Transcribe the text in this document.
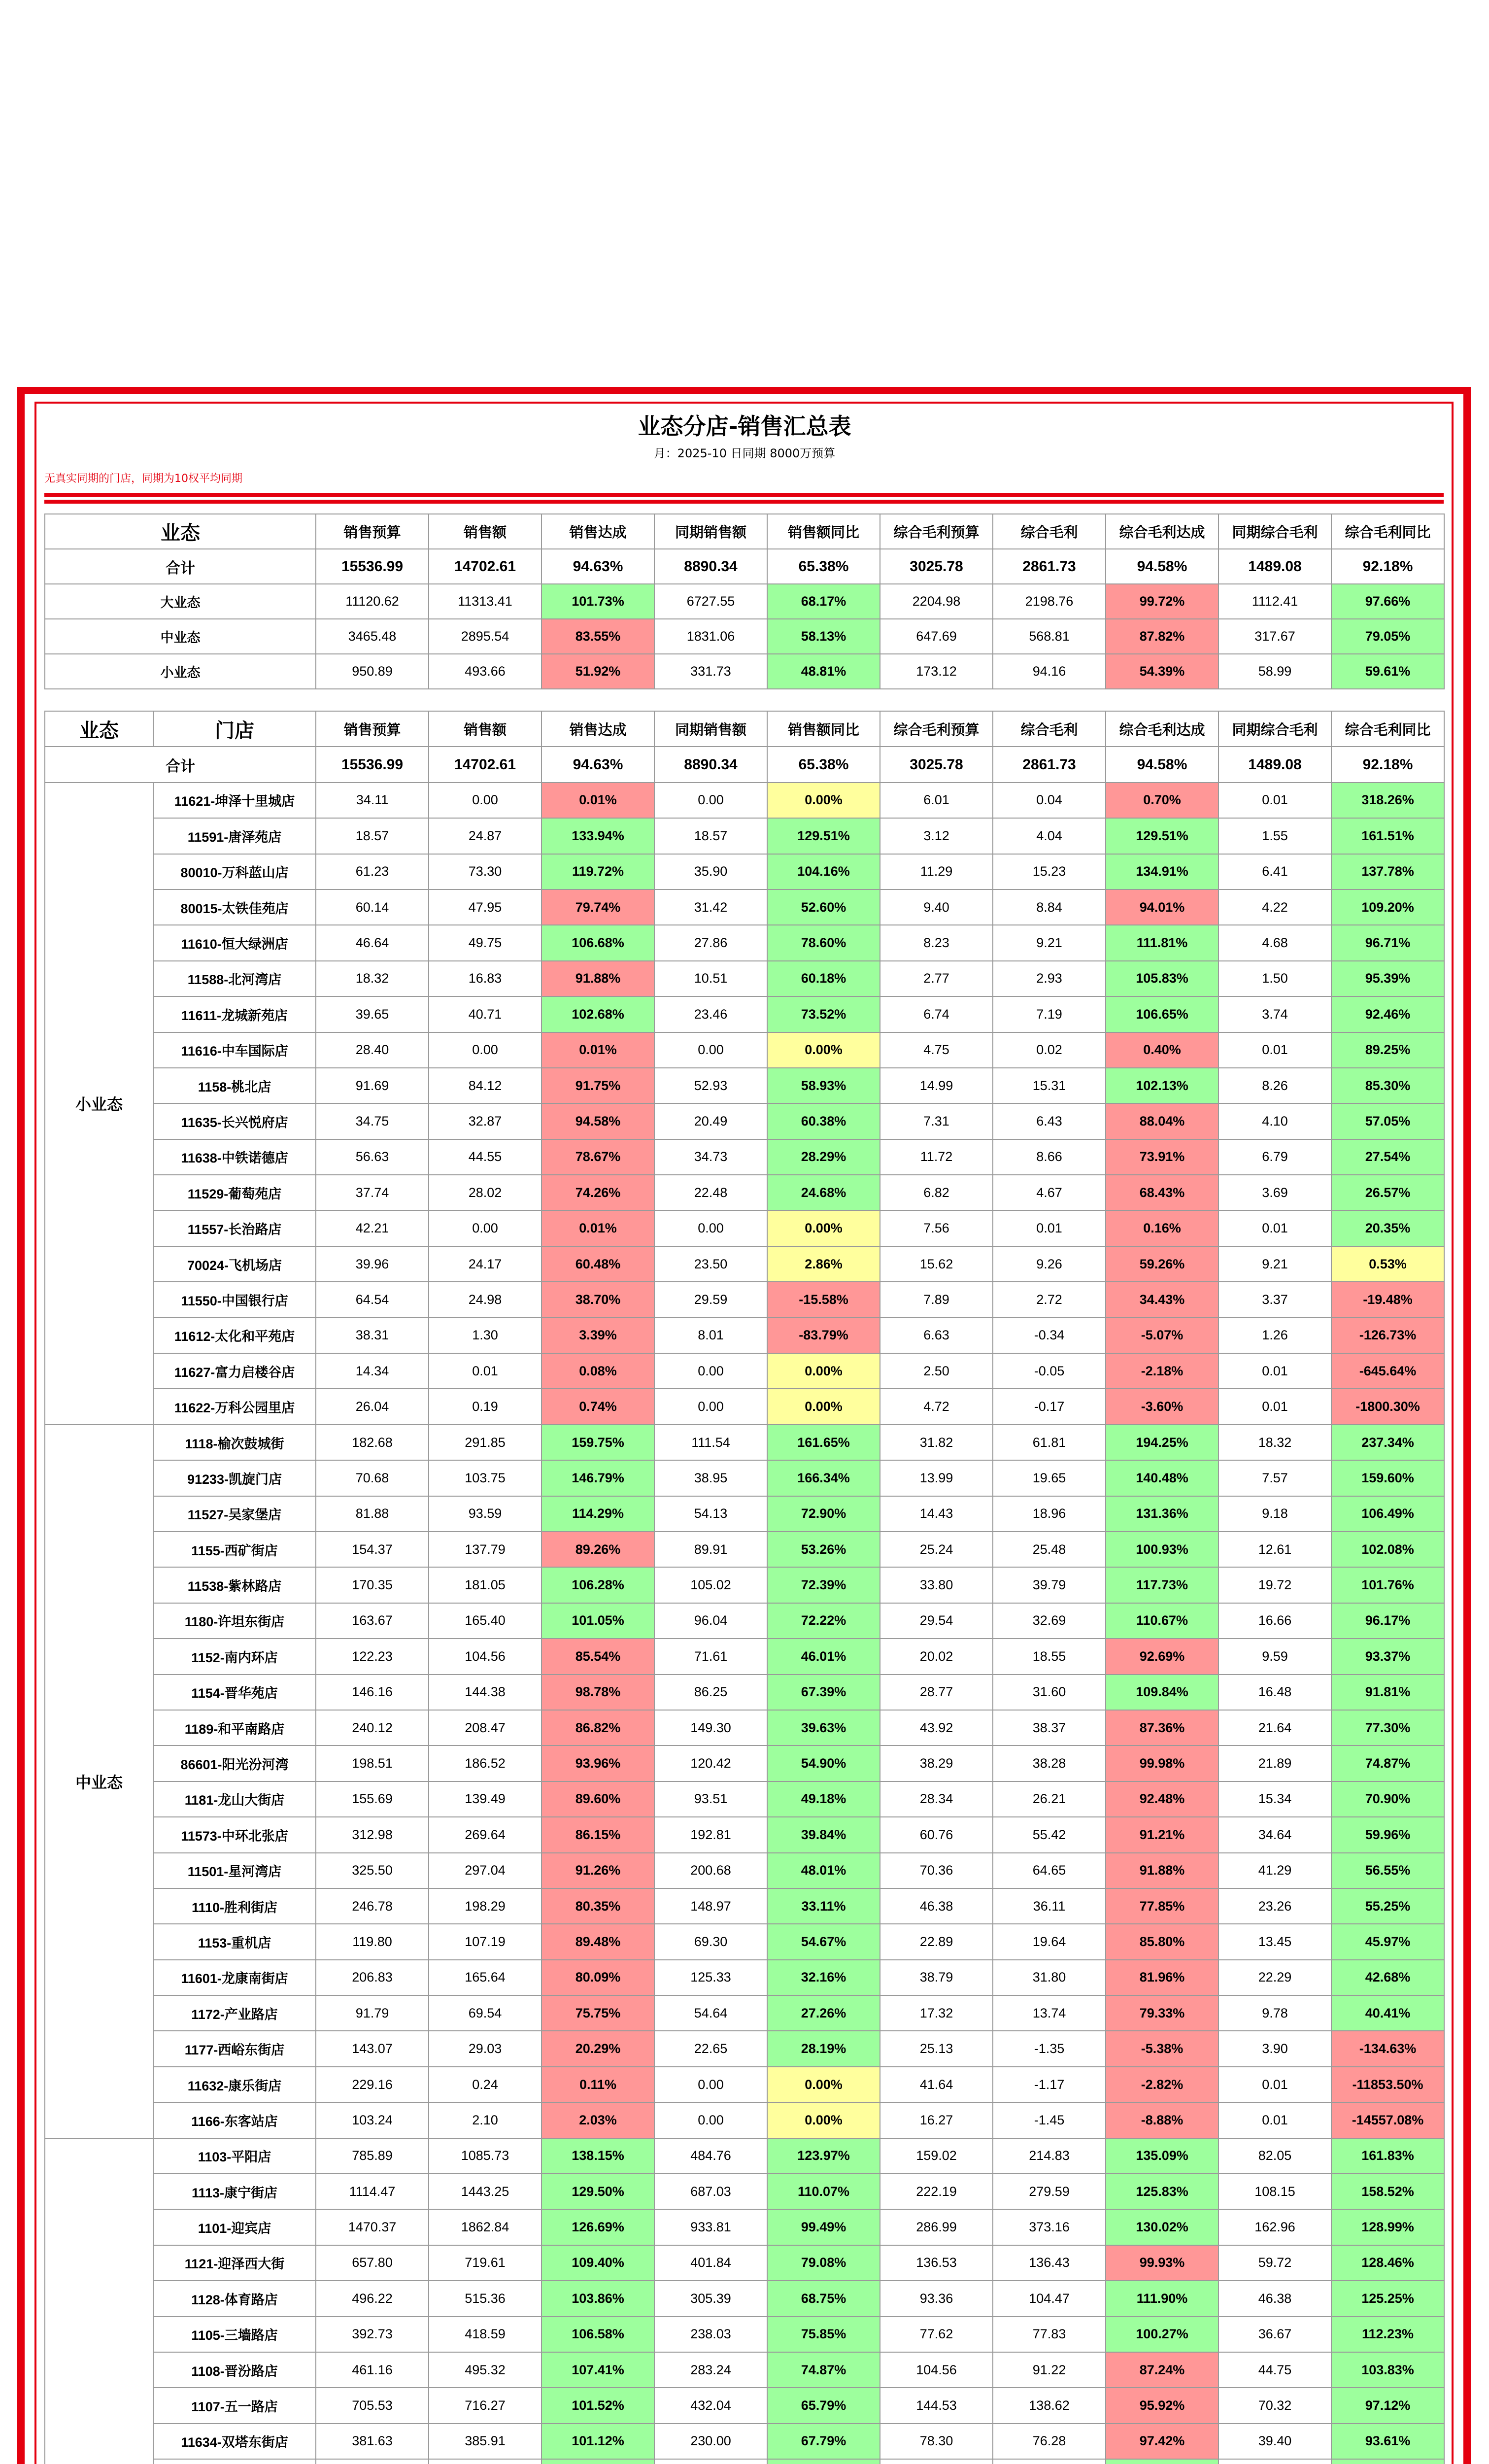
业态分店-销售汇总表
月：2025-10 日同期 8000万预算
无真实同期的门店，同期为10权平均同期
业态	销售预算	销售额	销售达成	同期销售额	销售额同比	综合毛利预算	综合毛利	综合毛利达成	同期综合毛利	综合毛利同比
合计	15536.99	14702.61	94.63%	8890.34	65.38%	3025.78	2861.73	94.58%	1489.08	92.18%
大业态	11120.62	11313.41	101.73%	6727.55	68.17%	2204.98	2198.76	99.72%	1112.41	97.66%
中业态	3465.48	2895.54	83.55%	1831.06	58.13%	647.69	568.81	87.82%	317.67	79.05%
小业态	950.89	493.66	51.92%	331.73	48.81%	173.12	94.16	54.39%	58.99	59.61%
业态	门店	销售预算	销售额	销售达成	同期销售额	销售额同比	综合毛利预算	综合毛利	综合毛利达成	同期综合毛利	综合毛利同比
合计		15536.99	14702.61	94.63%	8890.34	65.38%	3025.78	2861.73	94.58%	1489.08	92.18%
小业态	11621-坤泽十里城店	34.11	0.00	0.01%	0.00	0.00%	6.01	0.04	0.70%	0.01	318.26%
	11591-唐泽苑店	18.57	24.87	133.94%	18.57	129.51%	3.12	4.04	129.51%	1.55	161.51%
	80010-万科蓝山店	61.23	73.30	119.72%	35.90	104.16%	11.29	15.23	134.91%	6.41	137.78%
	80015-太铁佳苑店	60.14	47.95	79.74%	31.42	52.60%	9.40	8.84	94.01%	4.22	109.20%
	11610-恒大绿洲店	46.64	49.75	106.68%	27.86	78.60%	8.23	9.21	111.81%	4.68	96.71%
	11588-北河湾店	18.32	16.83	91.88%	10.51	60.18%	2.77	2.93	105.83%	1.50	95.39%
	11611-龙城新苑店	39.65	40.71	102.68%	23.46	73.52%	6.74	7.19	106.65%	3.74	92.46%
	11616-中车国际店	28.40	0.00	0.01%	0.00	0.00%	4.75	0.02	0.40%	0.01	89.25%
	1158-桃北店	91.69	84.12	91.75%	52.93	58.93%	14.99	15.31	102.13%	8.26	85.30%
	11635-长兴悦府店	34.75	32.87	94.58%	20.49	60.38%	7.31	6.43	88.04%	4.10	57.05%
	11638-中铁诺德店	56.63	44.55	78.67%	34.73	28.29%	11.72	8.66	73.91%	6.79	27.54%
	11529-葡萄苑店	37.74	28.02	74.26%	22.48	24.68%	6.82	4.67	68.43%	3.69	26.57%
	11557-长治路店	42.21	0.00	0.01%	0.00	0.00%	7.56	0.01	0.16%	0.01	20.35%
	70024-飞机场店	39.96	24.17	60.48%	23.50	2.86%	15.62	9.26	59.26%	9.21	0.53%
	11550-中国银行店	64.54	24.98	38.70%	29.59	-15.58%	7.89	2.72	34.43%	3.37	-19.48%
	11612-太化和平苑店	38.31	1.30	3.39%	8.01	-83.79%	6.63	-0.34	-5.07%	1.26	-126.73%
	11627-富力启楼谷店	14.34	0.01	0.08%	0.00	0.00%	2.50	-0.05	-2.18%	0.01	-645.64%
	11622-万科公园里店	26.04	0.19	0.74%	0.00	0.00%	4.72	-0.17	-3.60%	0.01	-1800.30%
中业态	1118-榆次鼓城街	182.68	291.85	159.75%	111.54	161.65%	31.82	61.81	194.25%	18.32	237.34%
	91233-凯旋门店	70.68	103.75	146.79%	38.95	166.34%	13.99	19.65	140.48%	7.57	159.60%
	11527-吴家堡店	81.88	93.59	114.29%	54.13	72.90%	14.43	18.96	131.36%	9.18	106.49%
	1155-西矿街店	154.37	137.79	89.26%	89.91	53.26%	25.24	25.48	100.93%	12.61	102.08%
	11538-紫林路店	170.35	181.05	106.28%	105.02	72.39%	33.80	39.79	117.73%	19.72	101.76%
	1180-许坦东街店	163.67	165.40	101.05%	96.04	72.22%	29.54	32.69	110.67%	16.66	96.17%
	1152-南内环店	122.23	104.56	85.54%	71.61	46.01%	20.02	18.55	92.69%	9.59	93.37%
	1154-晋华苑店	146.16	144.38	98.78%	86.25	67.39%	28.77	31.60	109.84%	16.48	91.81%
	1189-和平南路店	240.12	208.47	86.82%	149.30	39.63%	43.92	38.37	87.36%	21.64	77.30%
	86601-阳光汾河湾	198.51	186.52	93.96%	120.42	54.90%	38.29	38.28	99.98%	21.89	74.87%
	1181-龙山大街店	155.69	139.49	89.60%	93.51	49.18%	28.34	26.21	92.48%	15.34	70.90%
	11573-中环北张店	312.98	269.64	86.15%	192.81	39.84%	60.76	55.42	91.21%	34.64	59.96%
	11501-星河湾店	325.50	297.04	91.26%	200.68	48.01%	70.36	64.65	91.88%	41.29	56.55%
	1110-胜利街店	246.78	198.29	80.35%	148.97	33.11%	46.38	36.11	77.85%	23.26	55.25%
	1153-重机店	119.80	107.19	89.48%	69.30	54.67%	22.89	19.64	85.80%	13.45	45.97%
	11601-龙康南街店	206.83	165.64	80.09%	125.33	32.16%	38.79	31.80	81.96%	22.29	42.68%
	1172-产业路店	91.79	69.54	75.75%	54.64	27.26%	17.32	13.74	79.33%	9.78	40.41%
	1177-西峪东街店	143.07	29.03	20.29%	22.65	28.19%	25.13	-1.35	-5.38%	3.90	-134.63%
	11632-康乐街店	229.16	0.24	0.11%	0.00	0.00%	41.64	-1.17	-2.82%	0.01	-11853.50%
	1166-东客站店	103.24	2.10	2.03%	0.00	0.00%	16.27	-1.45	-8.88%	0.01	-14557.08%
	1103-平阳店	785.89	1085.73	138.15%	484.76	123.97%	159.02	214.83	135.09%	82.05	161.83%
	1113-康宁街店	1114.47	1443.25	129.50%	687.03	110.07%	222.19	279.59	125.83%	108.15	158.52%
	1101-迎宾店	1470.37	1862.84	126.69%	933.81	99.49%	286.99	373.16	130.02%	162.96	128.99%
	1121-迎泽西大街	657.80	719.61	109.40%	401.84	79.08%	136.53	136.43	99.93%	59.72	128.46%
	1128-体育路店	496.22	515.36	103.86%	305.39	68.75%	93.36	104.47	111.90%	46.38	125.25%
	1105-三墙路店	392.73	418.59	106.58%	238.03	75.85%	77.62	77.83	100.27%	36.67	112.23%
	1108-晋汾路店	461.16	495.32	107.41%	283.24	74.87%	104.56	91.22	87.24%	44.75	103.83%
	1107-五一路店	705.53	716.27	101.52%	432.04	65.79%	144.53	138.62	95.92%	70.32	97.12%
	11634-双塔东街店	381.63	385.91	101.12%	230.00	67.79%	78.30	76.28	97.42%	39.40	93.61%
